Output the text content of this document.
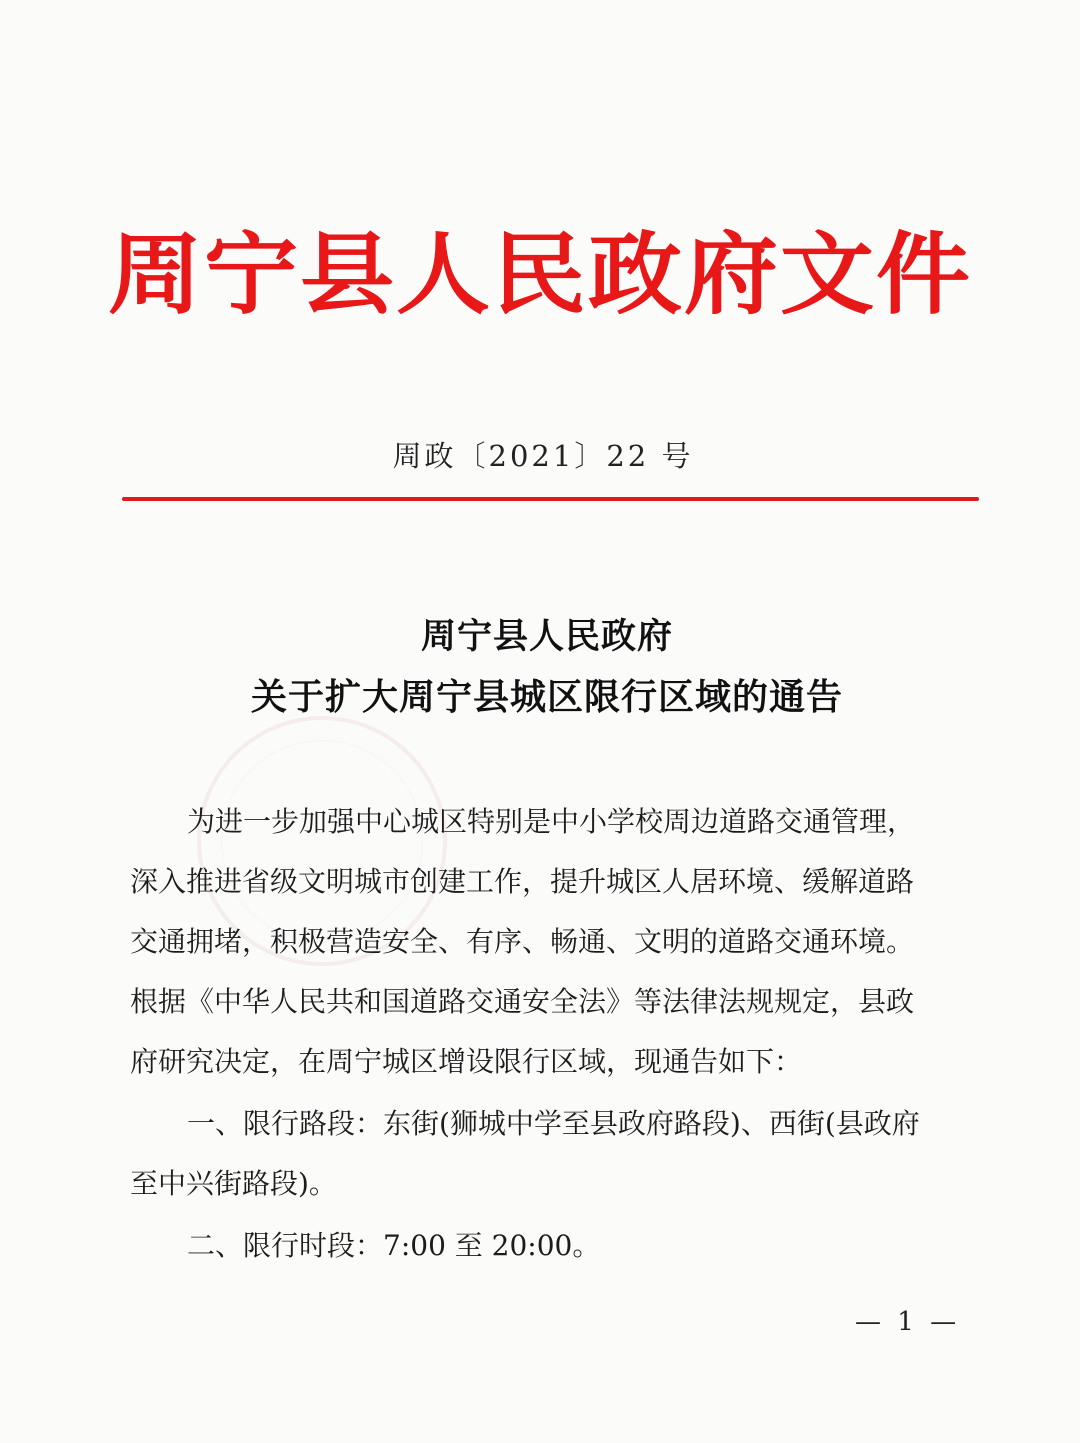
周宁县人民政府文件
周政〔2021〕22 号
周宁县人民政府
关于扩大周宁县城区限行区域的通告
为进一步加强中心城区特别是中小学校周边道路交通管理，
深入推进省级文明城市创建工作，提升城区人居环境、缓解道路
交通拥堵，积极营造安全、有序、畅通、文明的道路交通环境。
根据《中华人民共和国道路交通安全法》等法律法规规定，县政
府研究决定，在周宁城区增设限行区域，现通告如下：
一、限行路段：东街(狮城中学至县政府路段)、西街(县政府
至中兴街路段)。
二、限行时段：7:00 至 20:00。
— 1 —
